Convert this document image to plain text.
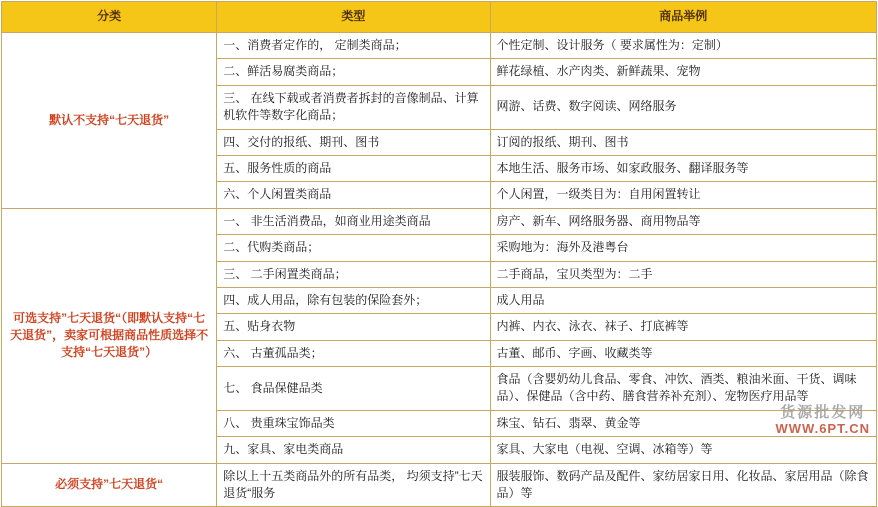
分类	类型	商品举例
默认不支持“七天退货”	一、消费者定作的， 定制类商品；	个性定制、设计服务（ 要求属性为：定制）
	二、鲜活易腐类商品；	鲜花绿植、水产肉类、新鲜蔬果、宠物
	三、 在线下载或者消费者拆封的音像制品、计算机软件等数字化商品；	网游、话费、数字阅读、网络服务
	四、交付的报纸、期刊、图书	订阅的报纸、期刊、图书
	五、服务性质的商品	本地生活、服务市场、如家政服务、翻译服务等
	六、个人闲置类商品	个人闲置，一级类目为：自用闲置转让
可选支持”七天退货“（即默认支持“七天退货”，卖家可根据商品性质选择不支持“七天退货”）	一、 非生活消费品，如商业用途类商品	房产、新车、网络服务器、商用物品等
	二、代购类商品；	采购地为：海外及港粤台
	三、 二手闲置类商品；	二手商品，宝贝类型为：二手
	四、成人用品，除有包装的保险套外；	成人用品
	五、贴身衣物	内裤、内衣、泳衣、袜子、打底裤等
	六、 古董孤品类；	古董、邮币、字画、收藏类等
	七、 食品保健品类	食品（含婴奶幼儿食品、零食、冲饮、酒类、粮油米面、干货、调味品）、保健品（含中药、膳食营养补充剂）、宠物医疗用品等
	八、 贵重珠宝饰品类	珠宝、钻石、翡翠、黄金等
	九、家具、家电类商品	家具、大家电（电视、空调、冰箱等）等
必须支持”七天退货“	除以上十五类商品外的所有品类， 均须支持”七天退货“服务	服装服饰、数码产品及配件、家纺居家日用、化妆品、家居用品（除食品）等
货源批发网
WWW.6PT.CN
